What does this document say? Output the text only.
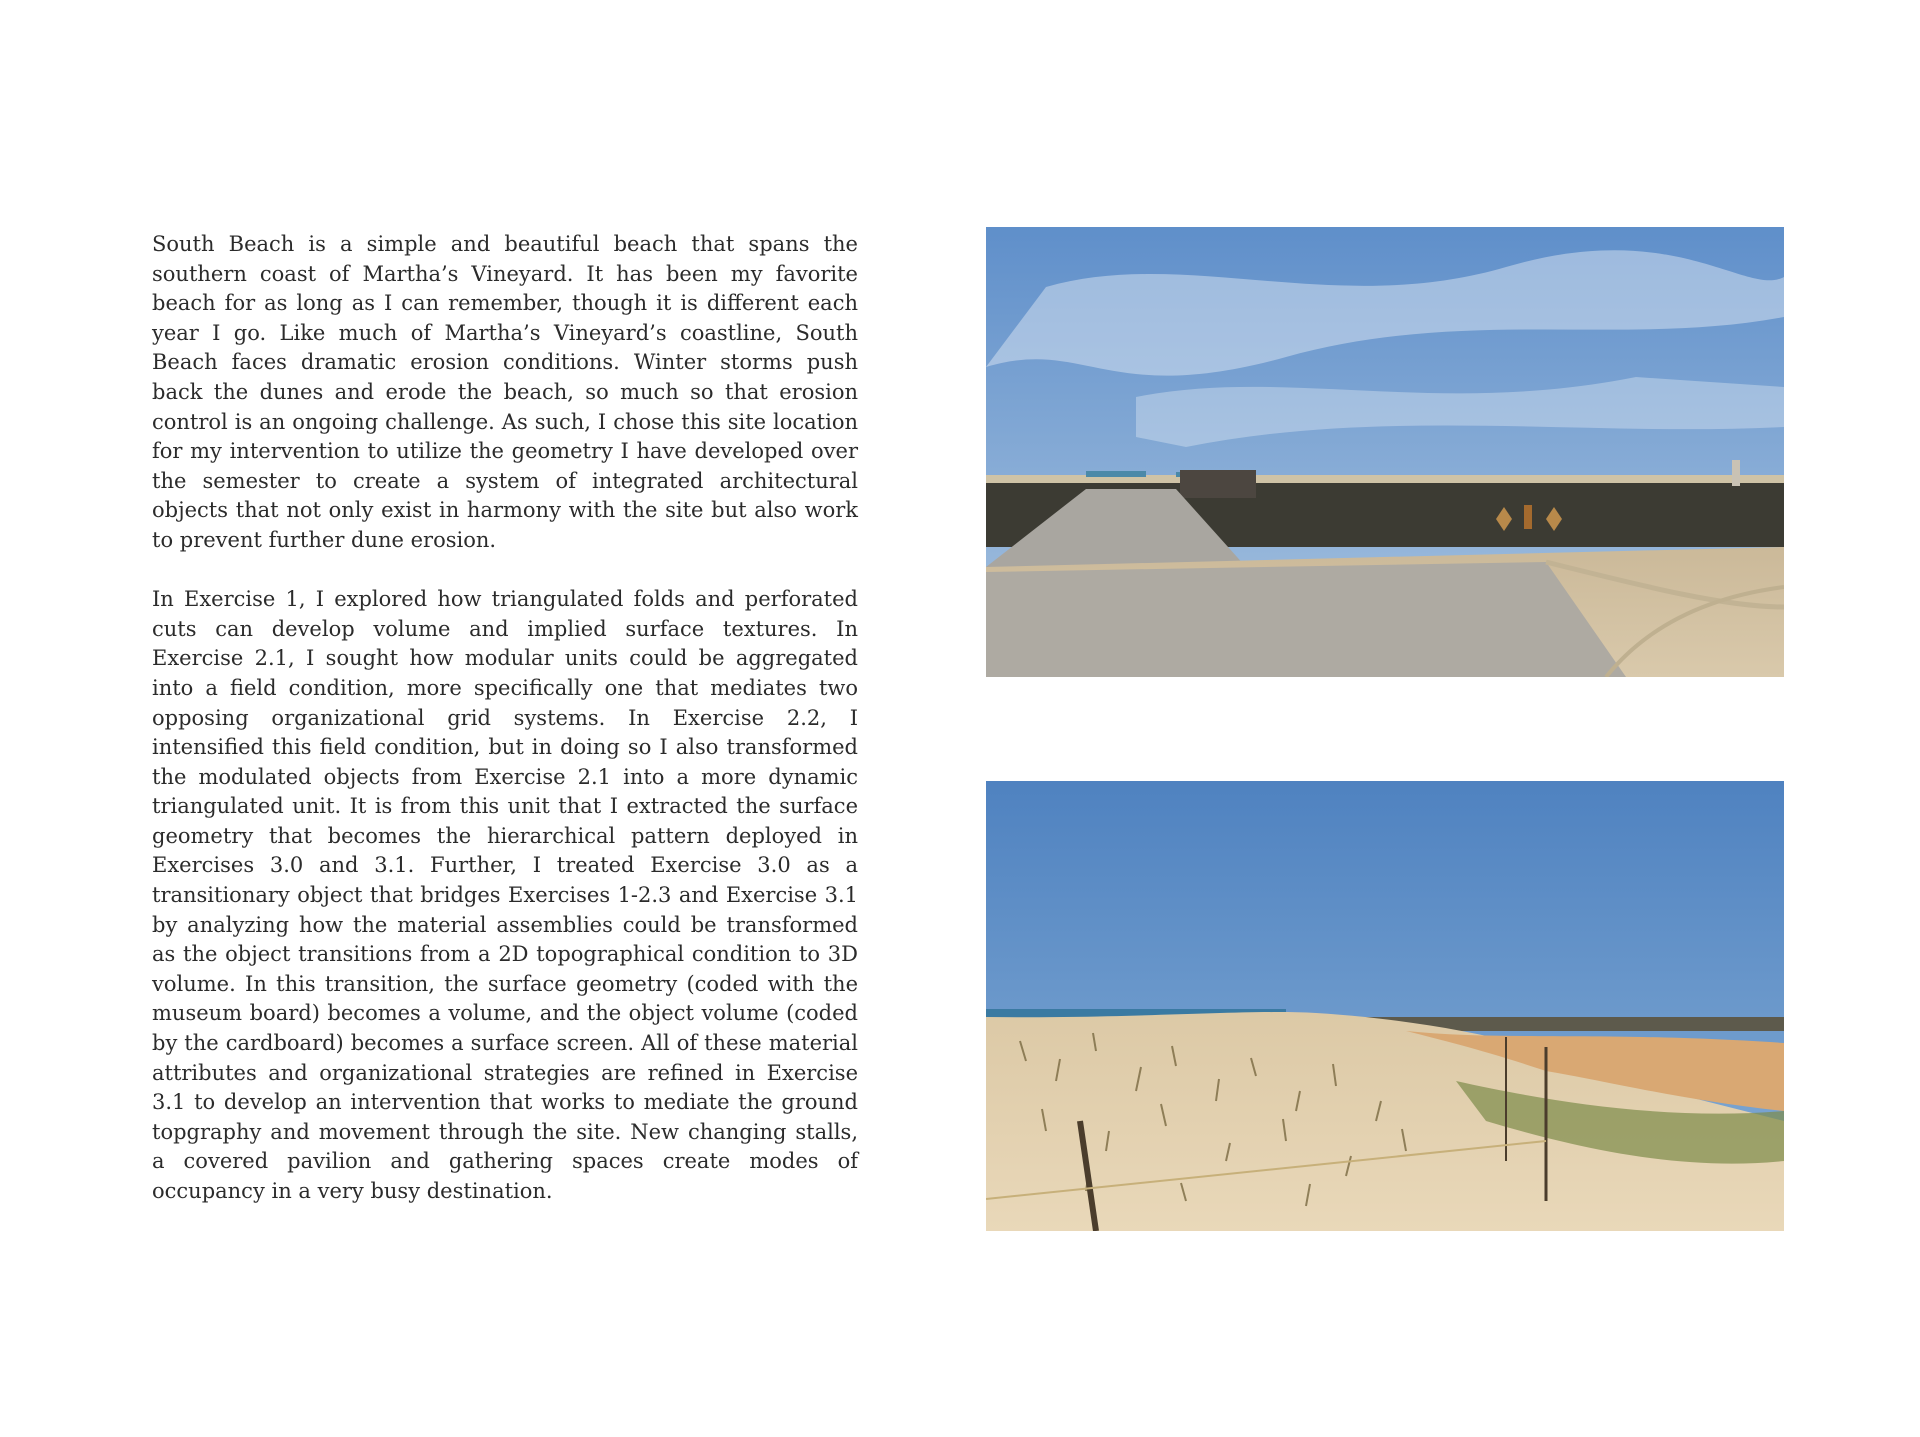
South Beach is a simple and beautiful beach that spans the southern coast of Martha’s Vineyard. It has been my favorite beach for as long as I can remember, though it is different each year I go. Like much of Martha’s Vineyard’s coastline, South Beach faces dramatic erosion conditions. Winter storms push back the dunes and erode the beach, so much so that erosion control is an ongoing challenge. As such, I chose this site location for my intervention to utilize the geometry I have developed over the semester to create a system of integrated architectural objects that not only exist in harmony with the site but also work to prevent further dune erosion.

In Exercise 1, I explored how triangulated folds and perforated cuts can develop volume and implied surface textures. In Exercise 2.1, I sought how modular units could be aggregated into a field condition, more specifically one that mediates two opposing organizational grid systems. In Exercise 2.2, I intensified this field condition, but in doing so I also transformed the modulated objects from Exercise 2.1 into a more dynamic triangulated unit. It is from this unit that I extracted the surface geometry that becomes the hierarchical pattern deployed in Exercises 3.0 and 3.1. Further, I treated Exercise 3.0 as a transitionary object that bridges Exercises 1-2.3 and Exercise 3.1 by analyzing how the material assemblies could be transformed as the object transitions from a 2D topographical condition to 3D volume. In this transition, the surface geometry (coded with the museum board) becomes a volume, and the object volume (coded by the cardboard) becomes a surface screen. All of these material attributes and organizational strategies are refined in Exercise 3.1 to develop an intervention that works to mediate the ground topgraphy and movement through the site. New changing stalls, a covered pavilion and gathering spaces create modes of occupancy in a very busy destination.
